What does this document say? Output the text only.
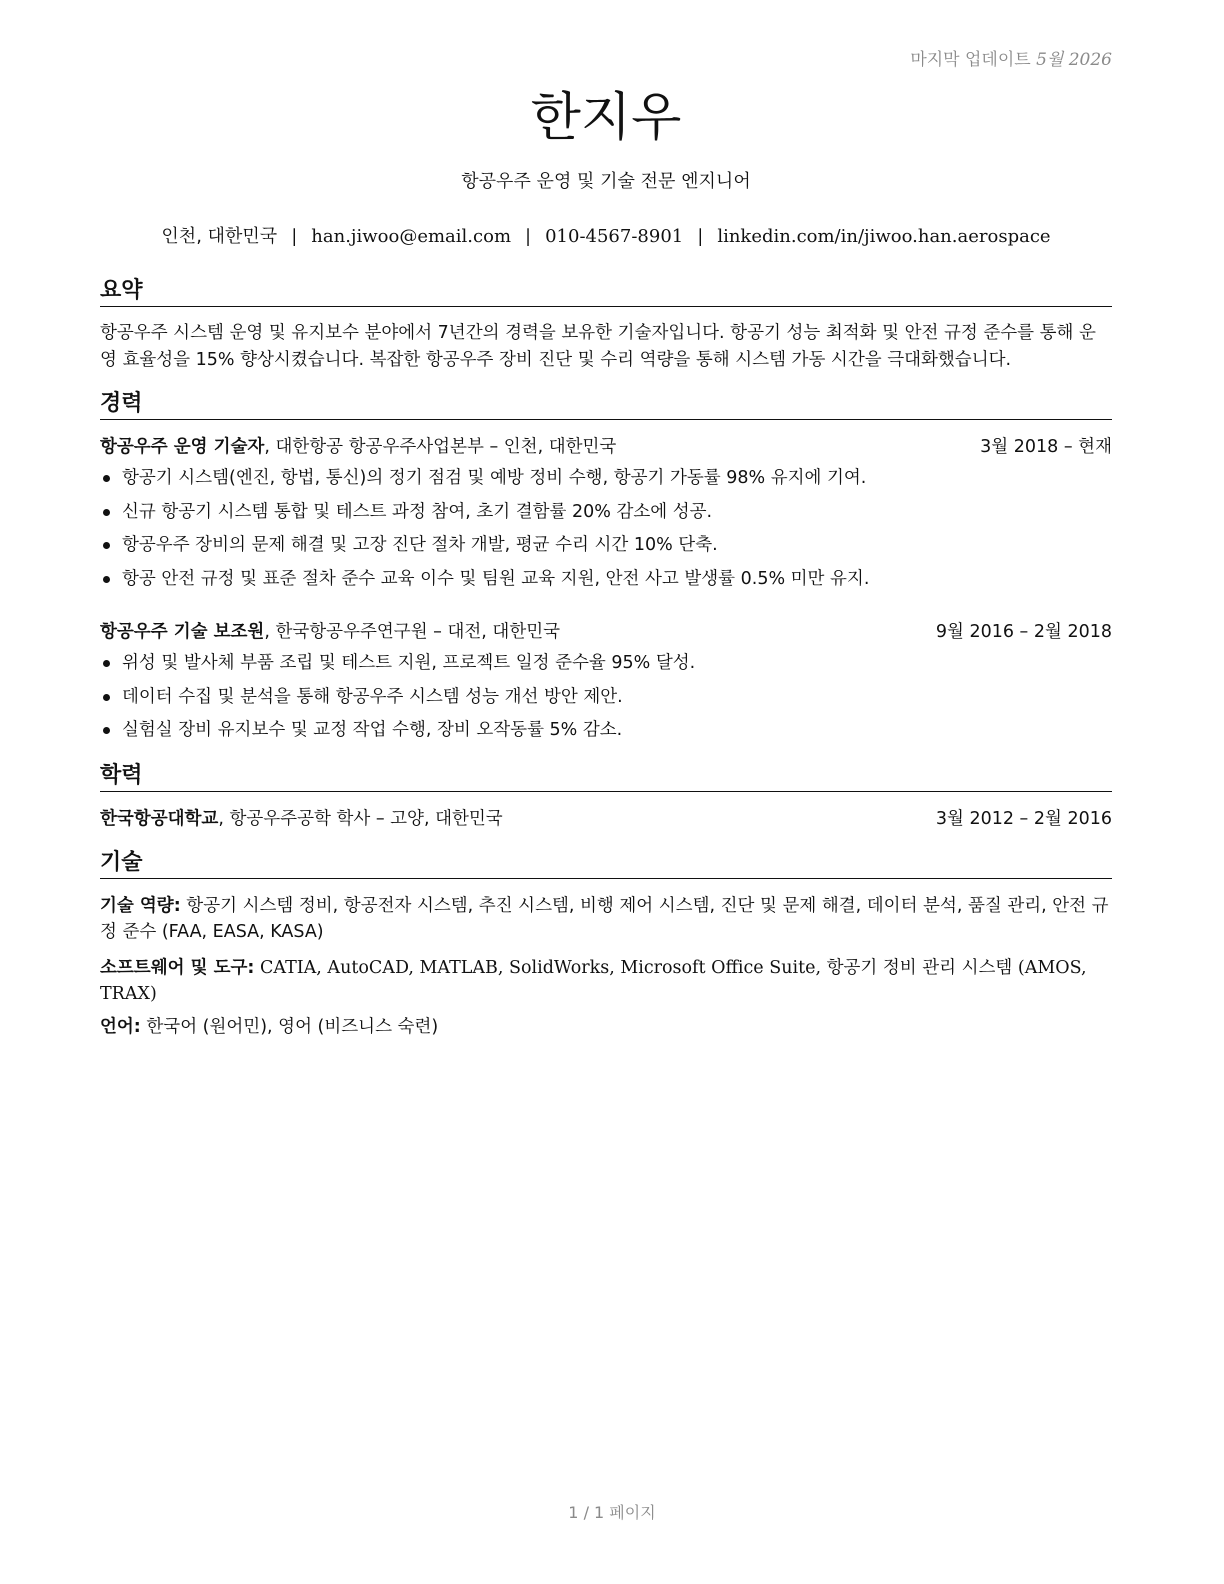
마지막 업데이트 5월 2026
한지우
항공우주 운영 및 기술 전문 엔지니어
인천, 대한민국 | han.jiwoo@email.com | 010-4567-8901 | linkedin.com/in/jiwoo.han.aerospace
요약
항공우주 시스템 운영 및 유지보수 분야에서 7년간의 경력을 보유한 기술자입니다. 항공기 성능 최적화 및 안전 규정 준수를 통해 운영 효율성을 15% 향상시켰습니다. 복잡한 항공우주 장비 진단 및 수리 역량을 통해 시스템 가동 시간을 극대화했습니다.
경력
항공우주 운영 기술자, 대한항공 항공우주사업본부 – 인천, 대한민국	3월 2018 – 현재
항공기 시스템(엔진, 항법, 통신)의 정기 점검 및 예방 정비 수행, 항공기 가동률 98% 유지에 기여.
신규 항공기 시스템 통합 및 테스트 과정 참여, 초기 결함률 20% 감소에 성공.
항공우주 장비의 문제 해결 및 고장 진단 절차 개발, 평균 수리 시간 10% 단축.
항공 안전 규정 및 표준 절차 준수 교육 이수 및 팀원 교육 지원, 안전 사고 발생률 0.5% 미만 유지.
항공우주 기술 보조원, 한국항공우주연구원 – 대전, 대한민국	9월 2016 – 2월 2018
위성 및 발사체 부품 조립 및 테스트 지원, 프로젝트 일정 준수율 95% 달성.
데이터 수집 및 분석을 통해 항공우주 시스템 성능 개선 방안 제안.
실험실 장비 유지보수 및 교정 작업 수행, 장비 오작동률 5% 감소.
학력
한국항공대학교, 항공우주공학 학사 – 고양, 대한민국	3월 2012 – 2월 2016
기술
기술 역량: 항공기 시스템 정비, 항공전자 시스템, 추진 시스템, 비행 제어 시스템, 진단 및 문제 해결, 데이터 분석, 품질 관리, 안전 규정 준수 (FAA, EASA, KASA)
소프트웨어 및 도구: CATIA, AutoCAD, MATLAB, SolidWorks, Microsoft Office Suite, 항공기 정비 관리 시스템 (AMOS, TRAX)
언어: 한국어 (원어민), 영어 (비즈니스 숙련)
1 / 1 페이지
